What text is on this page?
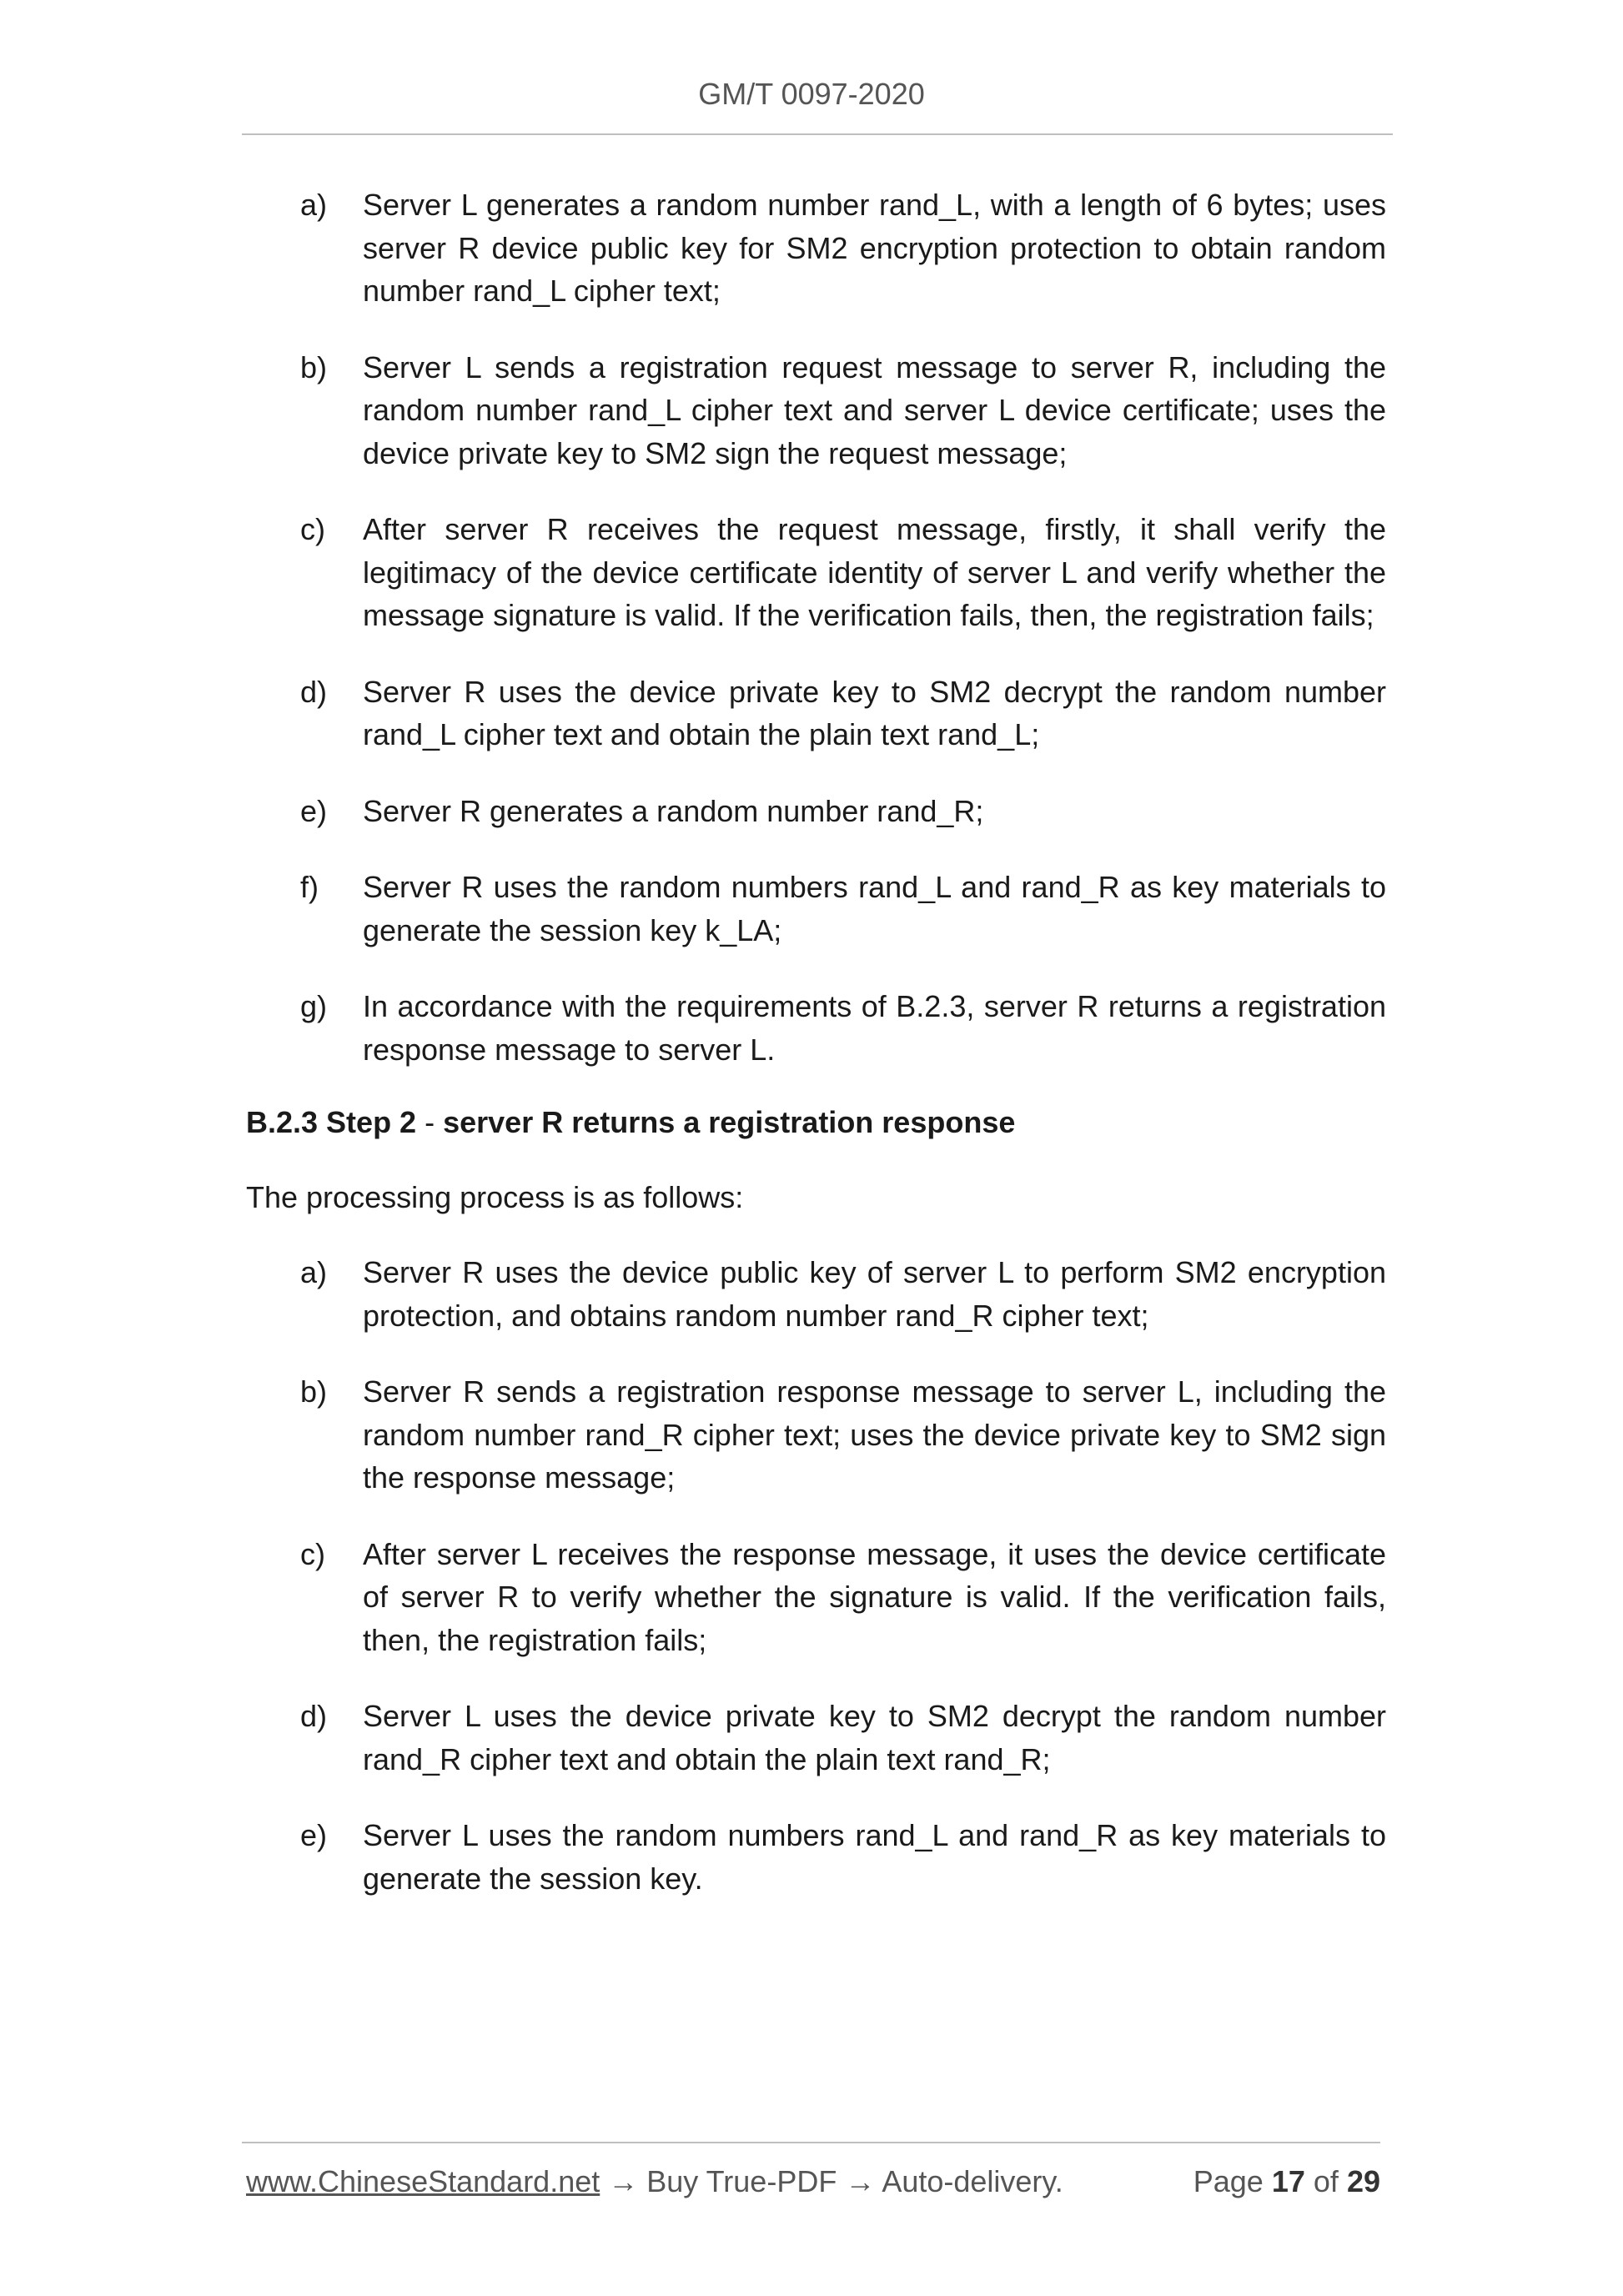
GM/T 0097-2020
a)	Server L generates a random number rand_L, with a length of 6 bytes; uses server R device public key for SM2 encryption protection to obtain random number rand_L cipher text;
b)	Server L sends a registration request message to server R, including the random number rand_L cipher text and server L device certificate; uses the device private key to SM2 sign the request message;
c)	After server R receives the request message, firstly, it shall verify the legitimacy of the device certificate identity of server L and verify whether the message signature is valid. If the verification fails, then, the registration fails;
d)	Server R uses the device private key to SM2 decrypt the random number rand_L cipher text and obtain the plain text rand_L;
e)	Server R generates a random number rand_R;
f)	Server R uses the random numbers rand_L and rand_R as key materials to generate the session key k_LA;
g)	In accordance with the requirements of B.2.3, server R returns a registration response message to server L.
B.2.3 Step 2 - server R returns a registration response
The processing process is as follows:
a)	Server R uses the device public key of server L to perform SM2 encryption protection, and obtains random number rand_R cipher text;
b)	Server R sends a registration response message to server L, including the random number rand_R cipher text; uses the device private key to SM2 sign the response message;
c)	After server L receives the response message, it uses the device certificate of server R to verify whether the signature is valid. If the verification fails, then, the registration fails;
d)	Server L uses the device private key to SM2 decrypt the random number rand_R cipher text and obtain the plain text rand_R;
e)	Server L uses the random numbers rand_L and rand_R as key materials to generate the session key.
www.ChineseStandard.net → Buy True-PDF → Auto-delivery.	Page 17 of 29
